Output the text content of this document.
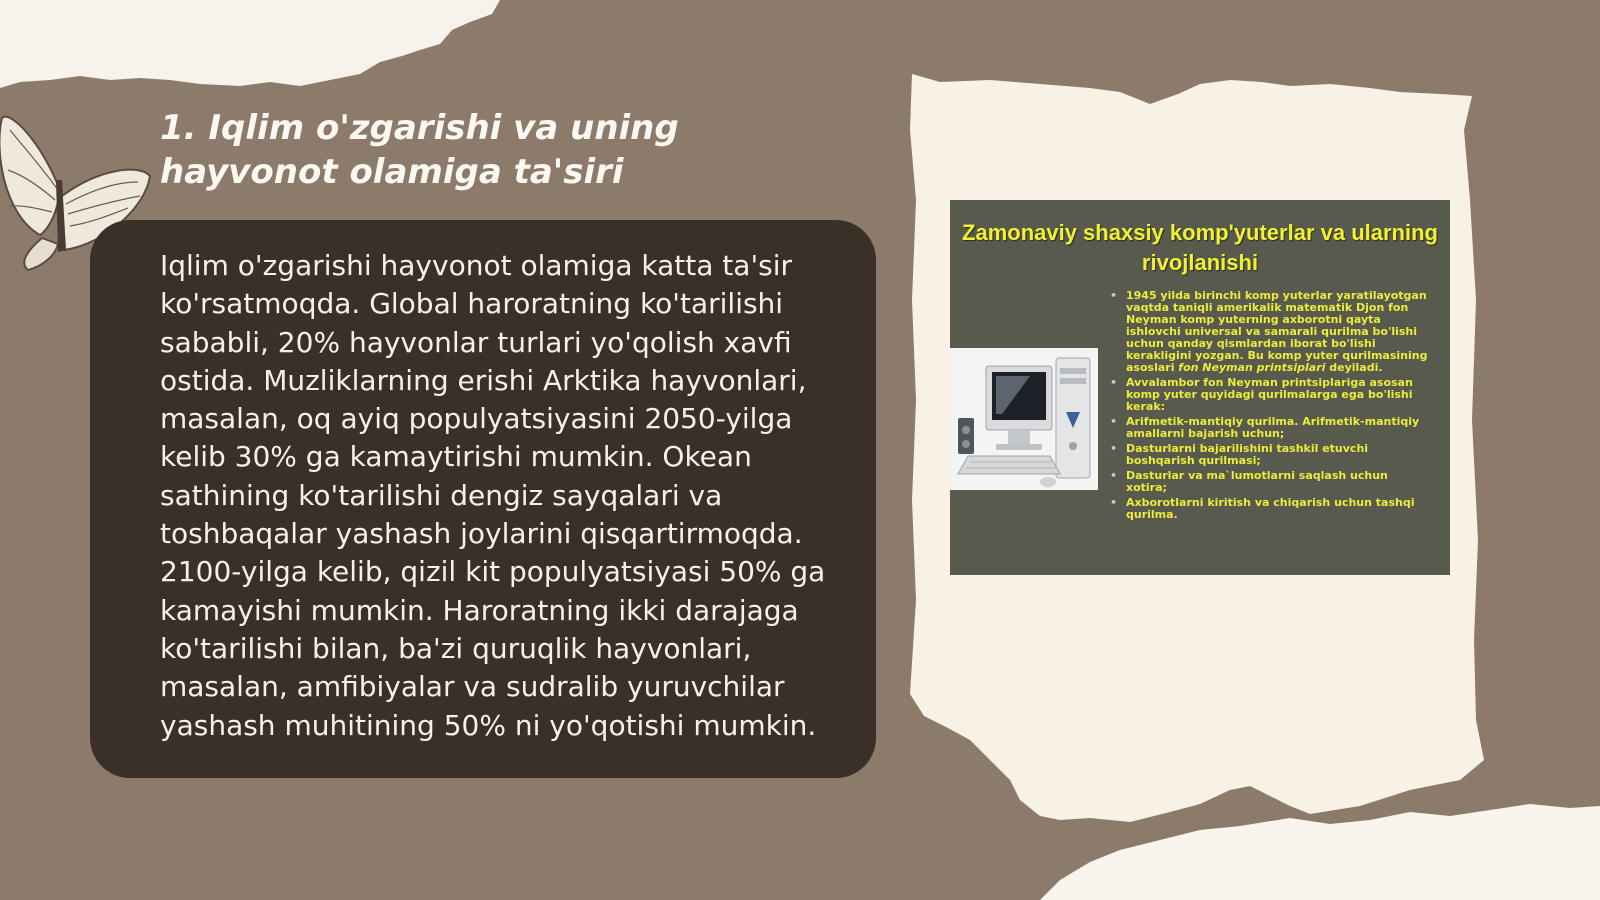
1. Iqlim o'zgarishi va uning hayvonot olamiga ta'siri

Iqlim o'zgarishi hayvonot olamiga katta ta'sir ko'rsatmoqda. Global haroratning ko'tarilishi sababli, 20% hayvonlar turlari yo'qolish xavfi ostida. Muzliklarning erishi Arktika hayvonlari, masalan, oq ayiq populyatsiyasini 2050-yilga kelib 30% ga kamaytirishi mumkin. Okean sathining ko'tarilishi dengiz sayqalari va toshbaqalar yashash joylarini qisqartirmoqda. 2100-yilga kelib, qizil kit populyatsiyasi 50% ga kamayishi mumkin. Haroratning ikki darajaga ko'tarilishi bilan, ba'zi quruqlik hayvonlari, masalan, amfibiyalar va sudralib yuruvchilar yashash muhitining 50% ni yo'qotishi mumkin.

Zamonaviy shaxsiy komp'yuterlar va ularning rivojlanishi
• 1945 yilda birinchi komp yuterlar yaratilayotgan vaqtda taniqli amerikalik matematik Djon fon Neyman komp yuterning axborotni qayta ishlovchi universal va samarali qurilma bo'lishi uchun qanday qismlardan iborat bo'lishi kerakligini yozgan. Bu komp yuter qurilmasining asoslari fon Neyman printsiplari deyiladi.
• Avvalambor fon Neyman printsiplariga asosan komp yuter quyidagi qurilmalarga ega bo'lishi kerak:
• Arifmetik-mantiqiy qurilma. Arifmetik-mantiqiy amallarni bajarish uchun;
• Dasturlarni bajarilishini tashkil etuvchi boshqarish qurilmasi;
• Dasturlar va ma`lumotlarni saqlash uchun xotira;
• Axborotlarni kiritish va chiqarish uchun tashqi qurilma.
